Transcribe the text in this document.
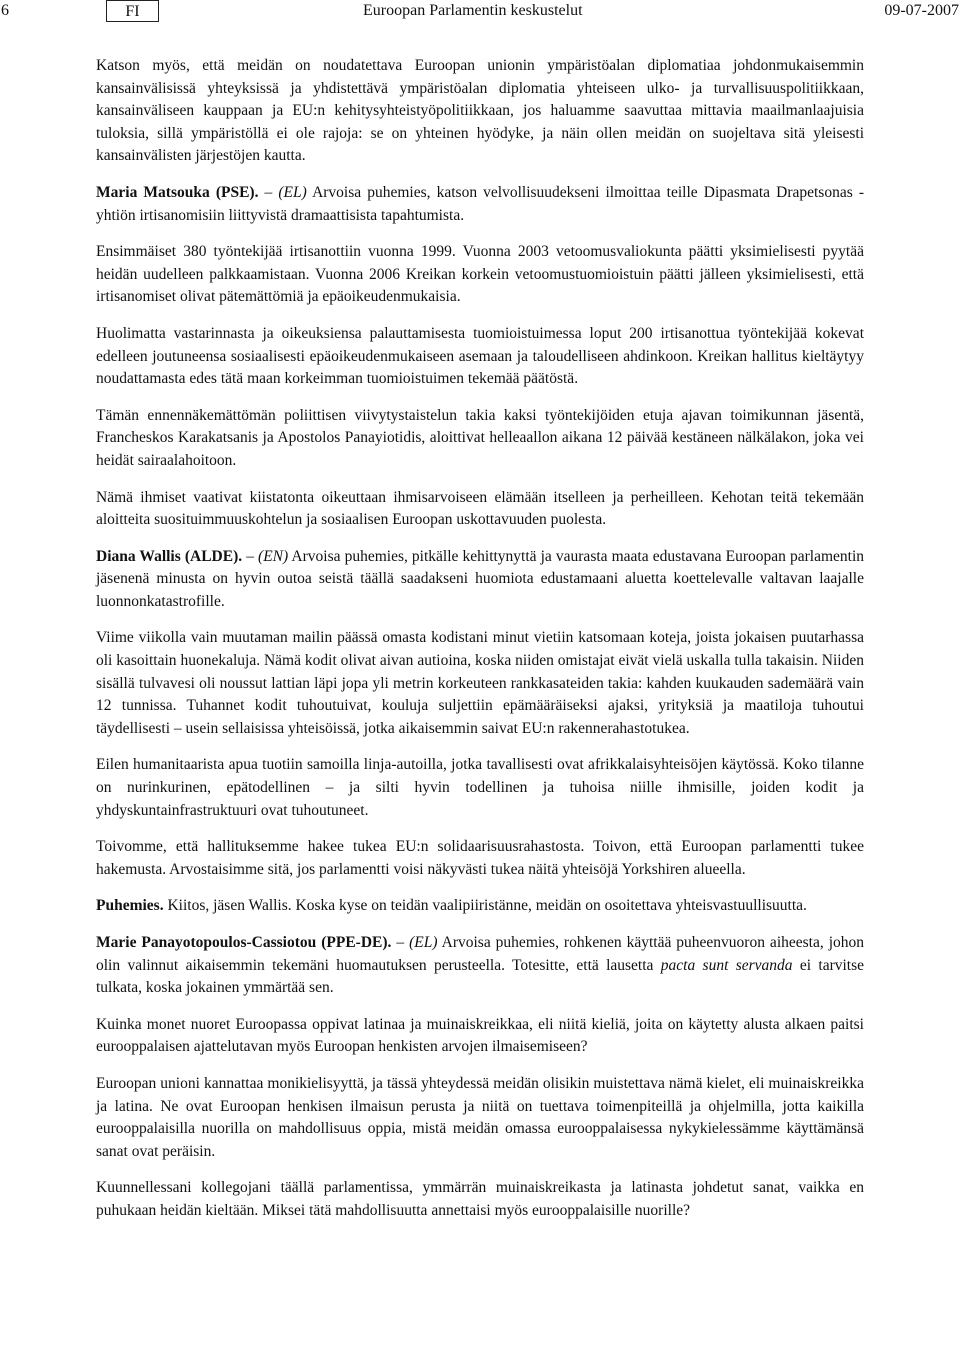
6	FI	Euroopan Parlamentin keskustelut	09-07-2007

Katson myös, että meidän on noudatettava Euroopan unionin ympäristöalan diplomatiaa johdonmukaisemmin kansainvälisissä yhteyksissä ja yhdistettävä ympäristöalan diplomatia yhteiseen ulko- ja turvallisuuspolitiikkaan, kansainväliseen kauppaan ja EU:n kehitysyhteistyöpolitiikkaan, jos haluamme saavuttaa mittavia maailmanlaajuisia tuloksia, sillä ympäristöllä ei ole rajoja: se on yhteinen hyödyke, ja näin ollen meidän on suojeltava sitä yleisesti kansainvälisten järjestöjen kautta.

Maria Matsouka (PSE). – (EL) Arvoisa puhemies, katson velvollisuudekseni ilmoittaa teille Dipasmata Drapetsonas -yhtiön irtisanomisiin liittyvistä dramaattisista tapahtumista.

Ensimmäiset 380 työntekijää irtisanottiin vuonna 1999. Vuonna 2003 vetoomusvaliokunta päätti yksimielisesti pyytää heidän uudelleen palkkaamistaan. Vuonna 2006 Kreikan korkein vetoomustuomioistuin päätti jälleen yksimielisesti, että irtisanomiset olivat pätemättömiä ja epäoikeudenmukaisia.

Huolimatta vastarinnasta ja oikeuksiensa palauttamisesta tuomioistuimessa loput 200 irtisanottua työntekijää kokevat edelleen joutuneensa sosiaalisesti epäoikeudenmukaiseen asemaan ja taloudelliseen ahdinkoon. Kreikan hallitus kieltäytyy noudattamasta edes tätä maan korkeimman tuomioistuimen tekemää päätöstä.

Tämän ennennäkemättömän poliittisen viivytystaistelun takia kaksi työntekijöiden etuja ajavan toimikunnan jäsentä, Francheskos Karakatsanis ja Apostolos Panayiotidis, aloittivat helleaallon aikana 12 päivää kestäneen nälkälakon, joka vei heidät sairaalahoitoon.

Nämä ihmiset vaativat kiistatonta oikeuttaan ihmisarvoiseen elämään itselleen ja perheilleen. Kehotan teitä tekemään aloitteita suosituimmuuskohtelun ja sosiaalisen Euroopan uskottavuuden puolesta.

Diana Wallis (ALDE). – (EN) Arvoisa puhemies, pitkälle kehittynyttä ja vaurasta maata edustavana Euroopan parlamentin jäsenenä minusta on hyvin outoa seistä täällä saadakseni huomiota edustamaani aluetta koettelevalle valtavan laajalle luonnonkatastrofille.

Viime viikolla vain muutaman mailin päässä omasta kodistani minut vietiin katsomaan koteja, joista jokaisen puutarhassa oli kasoittain huonekaluja. Nämä kodit olivat aivan autioina, koska niiden omistajat eivät vielä uskalla tulla takaisin. Niiden sisällä tulvavesi oli noussut lattian läpi jopa yli metrin korkeuteen rankkasateiden takia: kahden kuukauden sademäärä vain 12 tunnissa. Tuhannet kodit tuhoutuivat, kouluja suljettiin epämääräiseksi ajaksi, yrityksiä ja maatiloja tuhoutui täydellisesti – usein sellaisissa yhteisöissä, jotka aikaisemmin saivat EU:n rakennerahastotukea.

Eilen humanitaarista apua tuotiin samoilla linja-autoilla, jotka tavallisesti ovat afrikkalaisyhteisöjen käytössä. Koko tilanne on nurinkurinen, epätodellinen – ja silti hyvin todellinen ja tuhoisa niille ihmisille, joiden kodit ja yhdyskuntainfrastruktuuri ovat tuhoutuneet.

Toivomme, että hallituksemme hakee tukea EU:n solidaarisuusrahastosta. Toivon, että Euroopan parlamentti tukee hakemusta. Arvostaisimme sitä, jos parlamentti voisi näkyvästi tukea näitä yhteisöjä Yorkshiren alueella.

Puhemies. Kiitos, jäsen Wallis. Koska kyse on teidän vaalipiiristänne, meidän on osoitettava yhteisvastuullisuutta.

Marie Panayotopoulos-Cassiotou (PPE-DE). – (EL) Arvoisa puhemies, rohkenen käyttää puheenvuoron aiheesta, johon olin valinnut aikaisemmin tekemäni huomautuksen perusteella. Totesitte, että lausetta pacta sunt servanda ei tarvitse tulkata, koska jokainen ymmärtää sen.

Kuinka monet nuoret Euroopassa oppivat latinaa ja muinaiskreikkaa, eli niitä kieliä, joita on käytetty alusta alkaen paitsi eurooppalaisen ajattelutavan myös Euroopan henkisten arvojen ilmaisemiseen?

Euroopan unioni kannattaa monikielisyyttä, ja tässä yhteydessä meidän olisikin muistettava nämä kielet, eli muinaiskreikka ja latina. Ne ovat Euroopan henkisen ilmaisun perusta ja niitä on tuettava toimenpiteillä ja ohjelmilla, jotta kaikilla eurooppalaisilla nuorilla on mahdollisuus oppia, mistä meidän omassa eurooppalaisessa nykykielessämme käyttämänsä sanat ovat peräisin.

Kuunnellessani kollegojani täällä parlamentissa, ymmärrän muinaiskreikasta ja latinasta johdetut sanat, vaikka en puhukaan heidän kieltään. Miksei tätä mahdollisuutta annettaisi myös eurooppalaisille nuorille?
